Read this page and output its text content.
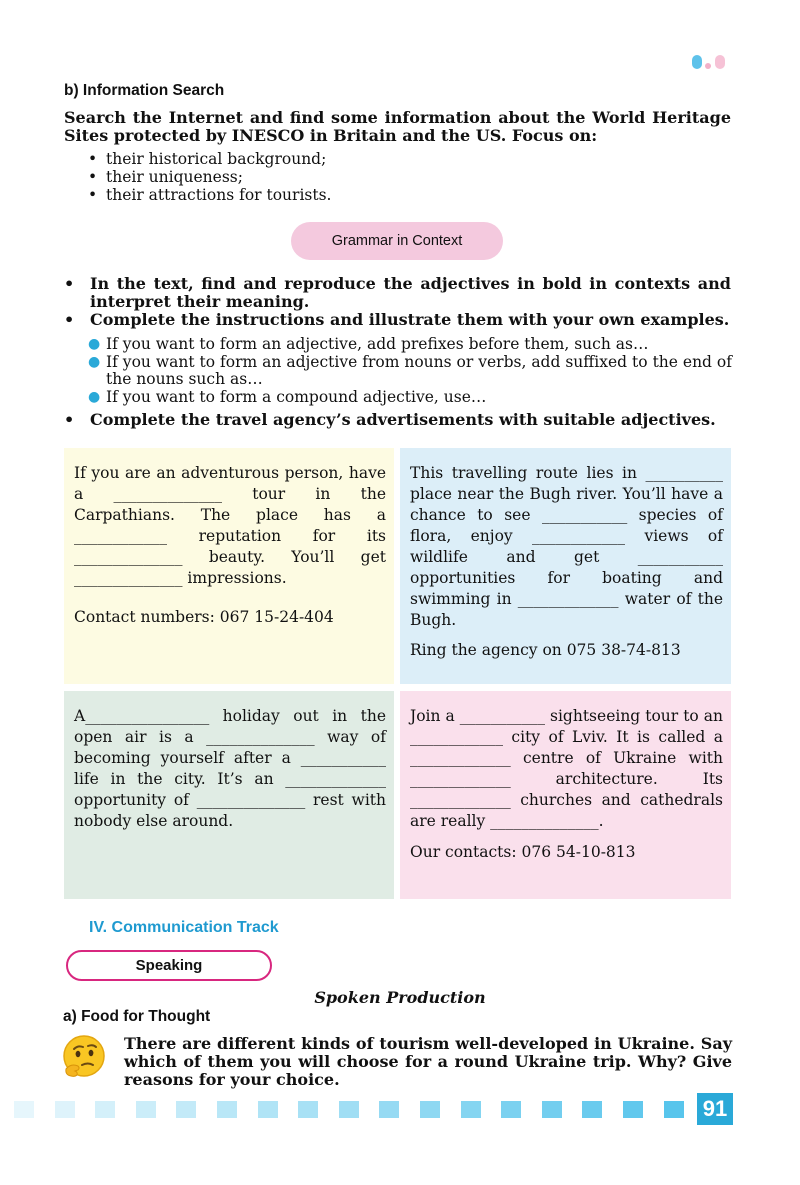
b) Information Search
Search the Internet and find some information about the World Heritage Sites protected by INESCO in Britain and the US. Focus on:
• their historical background;
• their uniqueness;
• their attractions for tourists.
Grammar in Context
• In the text, find and reproduce the adjectives in bold in contexts and interpret their meaning.
• Complete the instructions and illustrate them with your own examples.
● If you want to form an adjective, add prefixes before them, such as…
● If you want to form an adjective from nouns or verbs, add suffixed to the end of the nouns such as…
● If you want to form a compound adjective, use…
• Complete the travel agency’s advertisements with suitable adjectives.

If you are an adventurous person, have a ______________ tour in the Carpathians. The place has a ____________ reputation for its ______________ beauty. You’ll get ______________ impressions.

Contact numbers: 067 15-24-404

This travelling route lies in __________ place near the Bugh river. You’ll have a chance to see ___________ species of flora, enjoy ____________ views of wildlife and get ___________ opportunities for boating and swimming in _____________ water of the Bugh.

Ring the agency on 075 38-74-813

A________________ holiday out in the open air is a ______________ way of becoming yourself after a ___________ life in the city. It’s an _____________ opportunity of ______________ rest with nobody else around.

Join a ___________ sightseeing tour to an ____________ city of Lviv. It is called a _____________ centre of Ukraine with _____________ architecture. Its _____________ churches and cathedrals are really ______________.

Our contacts: 076 54-10-813

IV. Communication Track
Speaking
Spoken Production
a) Food for Thought
There are different kinds of tourism well-developed in Ukraine. Say which of them you will choose for a round Ukraine trip. Why? Give reasons for your choice.
91
